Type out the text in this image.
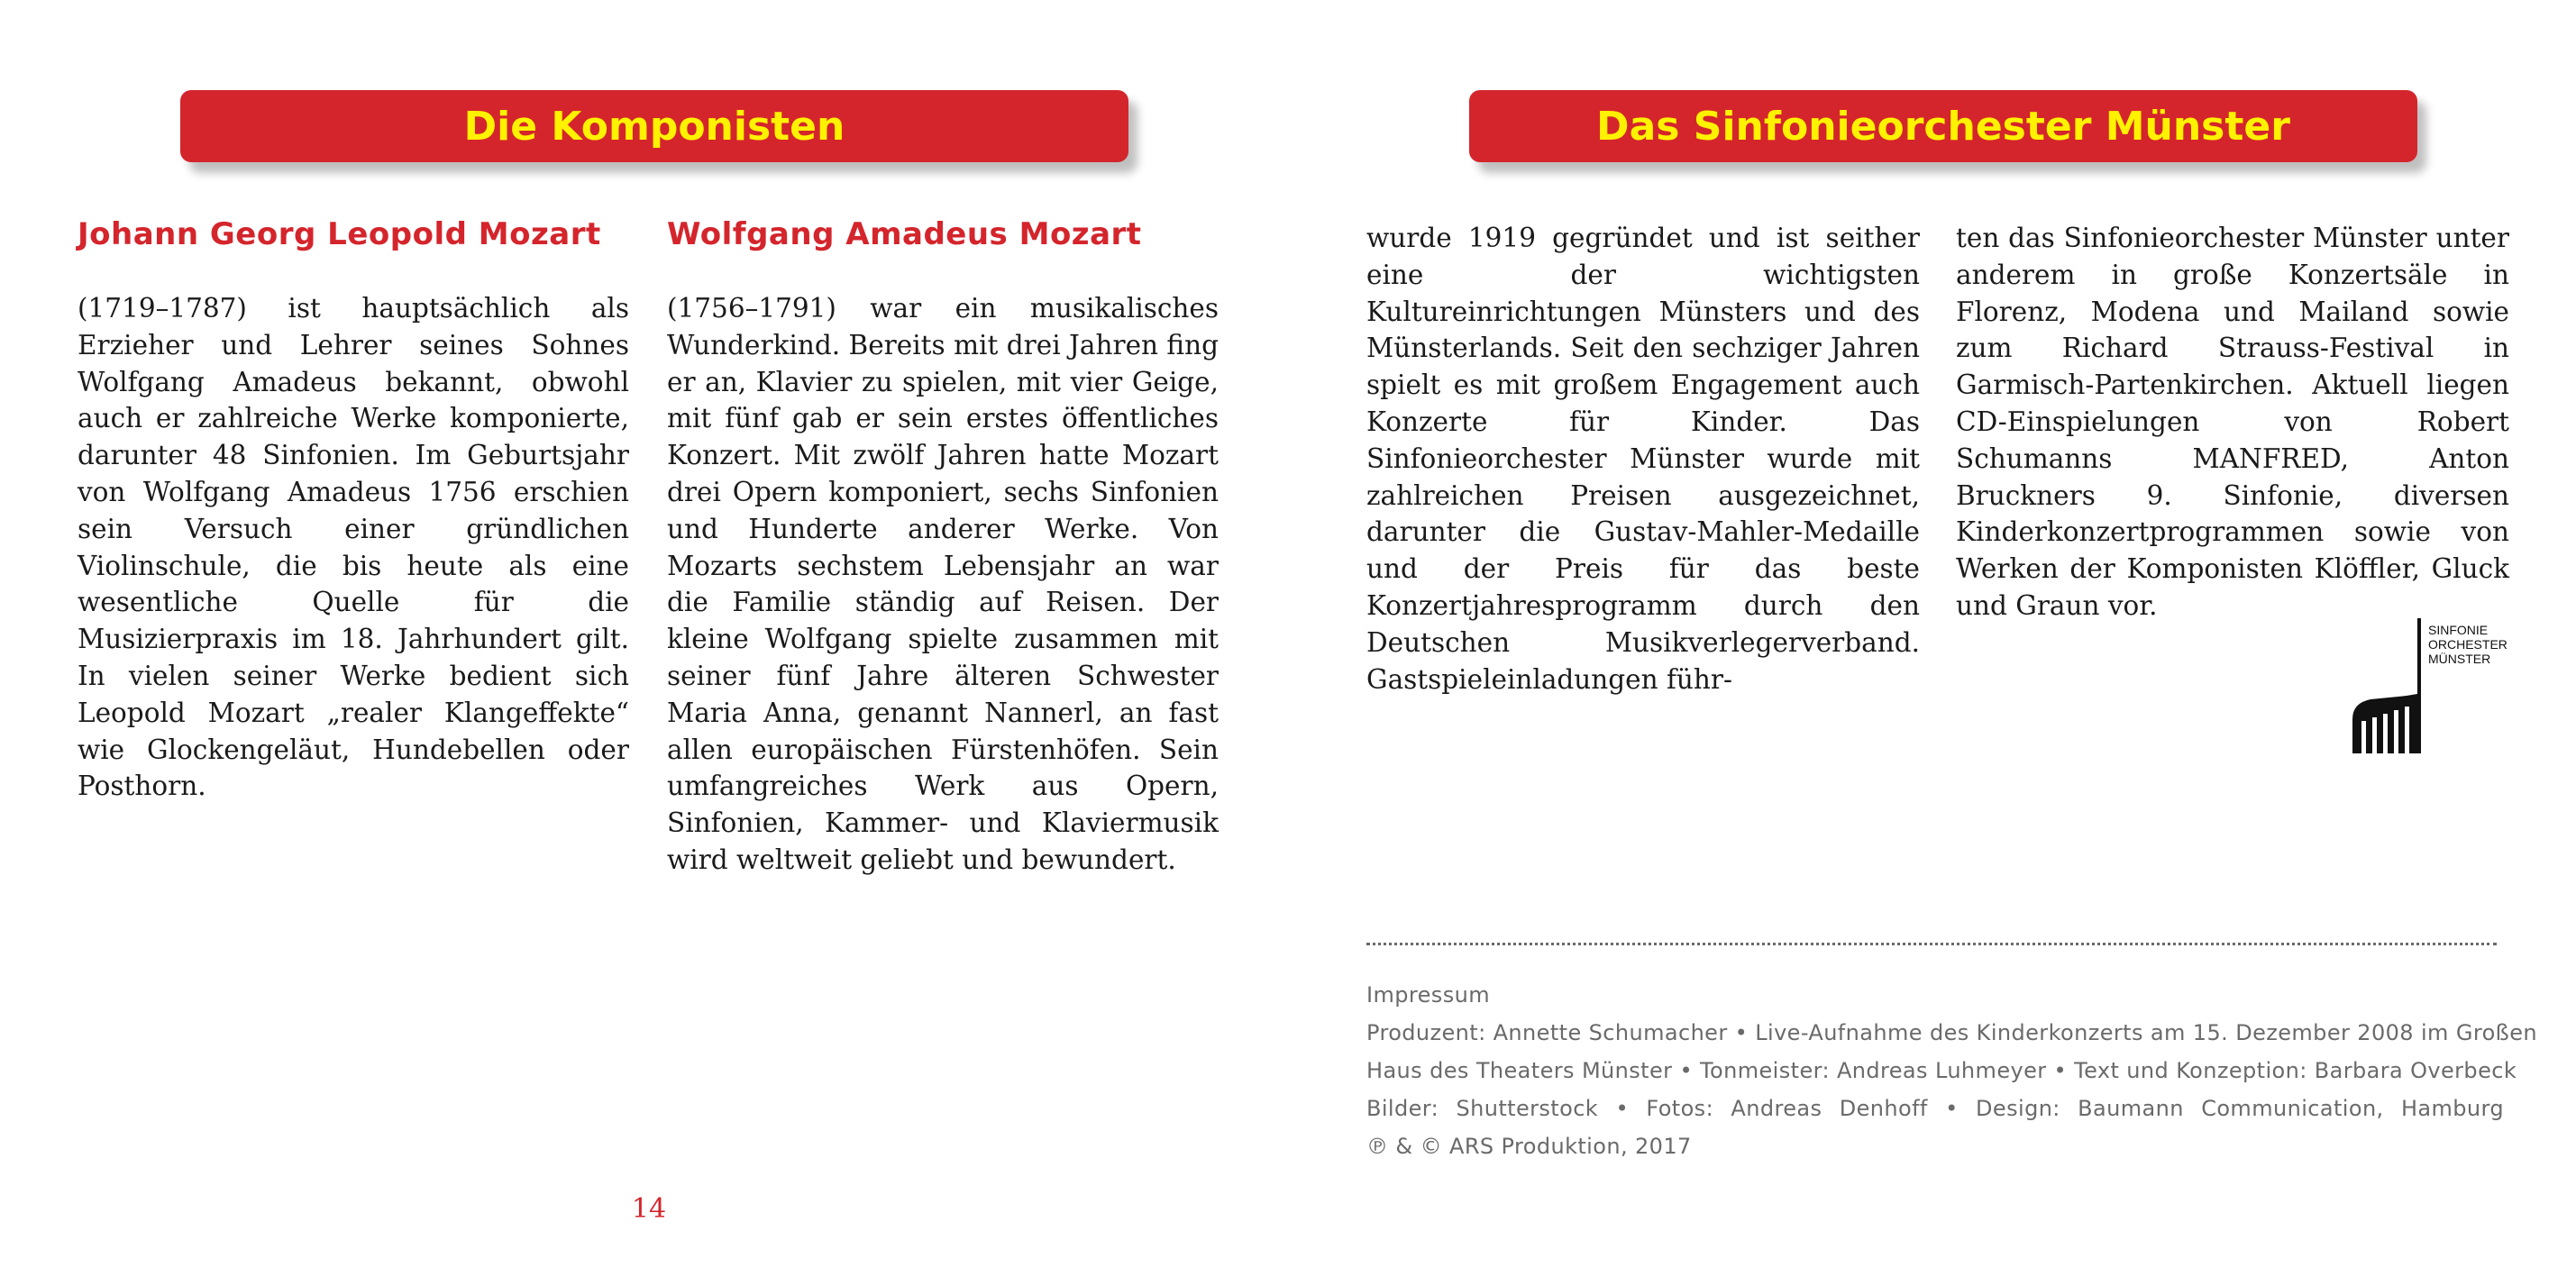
Die Komponisten
Johann Georg Leopold Mozart

(1719–1787) ist hauptsächlich als Erzieher und Lehrer seines Sohnes Wolfgang Amadeus bekannt, obwohl auch er zahlreiche Werke komponierte, darunter 48 Sinfonien. Im Geburtsjahr von Wolfgang Amadeus 1756 erschien sein Versuch einer gründlichen Violinschule, die bis heute als eine wesentliche Quelle für die Musizierpraxis im 18. Jahrhundert gilt. In vielen seiner Werke bedient sich Leopold Mozart „realer Klangeffekte“ wie Glockengeläut, Hundebellen oder Posthorn.

Wolfgang Amadeus Mozart

(1756–1791) war ein musikalisches Wunderkind. Bereits mit drei Jahren fing er an, Klavier zu spielen, mit vier Geige, mit fünf gab er sein erstes öffentliches Konzert. Mit zwölf Jahren hatte Mozart drei Opern komponiert, sechs Sinfonien und Hunderte anderer Werke. Von Mozarts sechstem Lebensjahr an war die Familie ständig auf Reisen. Der kleine Wolfgang spielte zusammen mit seiner fünf Jahre älteren Schwester Maria Anna, genannt Nannerl, an fast allen europäischen Fürstenhöfen. Sein umfangreiches Werk aus Opern, Sinfonien, Kammer- und Klaviermusik wird weltweit geliebt und bewundert.

14
Das Sinfonieorchester Münster

wurde 1919 gegründet und ist seither eine der wichtigsten Kultureinrichtungen Münsters und des Münsterlands. Seit den sechziger Jahren spielt es mit großem Engagement auch Konzerte für Kinder. Das Sinfonieorchester Münster wurde mit zahlreichen Preisen ausgezeichnet, darunter die Gustav-Mahler-Medaille und der Preis für das beste Konzertjahresprogramm durch den Deutschen Musikverlegerverband. Gastspieleinladungen führ-

ten das Sinfonieorchester Münster unter anderem in große Konzertsäle in Florenz, Modena und Mailand sowie zum Richard Strauss-Festival in Garmisch-Partenkirchen. Aktuell liegen CD-Einspielungen von Robert Schumanns MANFRED, Anton Bruckners 9. Sinfonie, diversen Kinderkonzertprogrammen sowie von Werken der Komponisten Klöffler, Gluck und Graun vor.

SINFONIE
ORCHESTER
MÜNSTER
Impressum
Produzent: Annette Schumacher • Live-Aufnahme des Kinderkonzerts am 15. Dezember 2008 im Großen
Haus des Theaters Münster • Tonmeister: Andreas Luhmeyer • Text und Konzeption: Barbara Overbeck
Bilder: Shutterstock • Fotos: Andreas Denhoff • Design: Baumann Communication, Hamburg
℗ & © ARS Produktion, 2017
